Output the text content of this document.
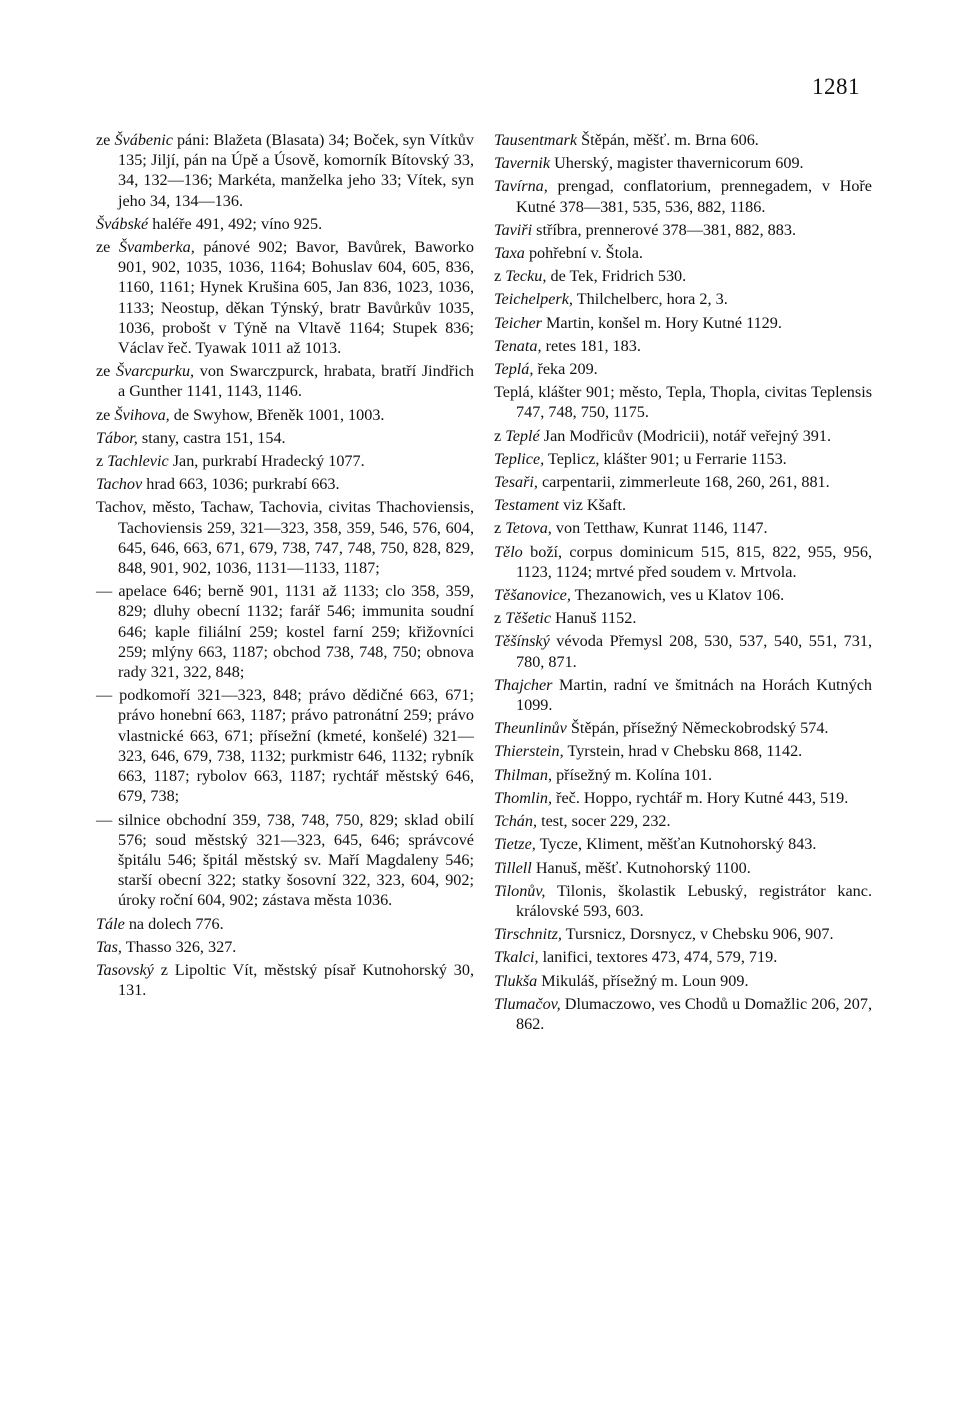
1281

ze Švábenic páni: Blažeta (Blasata) 34; Boček, syn Vítkův 135; Jiljí, pán na Úpě a Úsově, komorník Bítovský 33, 34, 132—136; Markéta, manželka jeho 33; Vítek, syn jeho 34, 134—136.

Švábské haléře 491, 492; víno 925.

ze Švamberka, pánové 902; Bavor, Bavůrek, Baworko 901, 902, 1035, 1036, 1164; Bohuslav 604, 605, 836, 1160, 1161; Hynek Krušina 605, Jan 836, 1023, 1036, 1133; Neostup, děkan Týnský, bratr Bavůrkův 1035, 1036, probošt v Týně na Vltavě 1164; Stupek 836; Václav řeč. Tyawak 1011 až 1013.

ze Švarcpurku, von Swarczpurck, hrabata, bratří Jindřich a Gunther 1141, 1143, 1146.

ze Švihova, de Swyhow, Břeněk 1001, 1003.

Tábor, stany, castra 151, 154.

z Tachlevic Jan, purkrabí Hradecký 1077.

Tachov hrad 663, 1036; purkrabí 663.

Tachov, město, Tachaw, Tachovia, civitas Thachoviensis, Tachoviensis 259, 321—323, 358, 359, 546, 576, 604, 645, 646, 663, 671, 679, 738, 747, 748, 750, 828, 829, 848, 901, 902, 1036, 1131—1133, 1187;

— apelace 646; berně 901, 1131 až 1133; clo 358, 359, 829; dluhy obecní 1132; farář 546; immunita soudní 646; kaple filiální 259; kostel farní 259; křižovníci 259; mlýny 663, 1187; obchod 738, 748, 750; obnova rady 321, 322, 848;

— podkomoří 321—323, 848; právo dědičné 663, 671; právo honební 663, 1187; právo patronátní 259; právo vlastnické 663, 671; přísežní (kmeté, konšelé) 321—323, 646, 679, 738, 1132; purkmistr 646, 1132; rybník 663, 1187; rybolov 663, 1187; rychtář městský 646, 679, 738;

— silnice obchodní 359, 738, 748, 750, 829; sklad obilí 576; soud městský 321—323, 645, 646; správcové špitálu 546; špitál městský sv. Maří Magdaleny 546; starší obecní 322; statky šosovní 322, 323, 604, 902; úroky roční 604, 902; zástava města 1036.

Tále na dolech 776.

Tas, Thasso 326, 327.

Tasovský z Lipoltic Vít, městský písař Kutnohorský 30, 131.

Tausentmark Štěpán, měšť. m. Brna 606.

Tavernik Uherský, magister thavernicorum 609.

Tavírna, prengad, conflatorium, prennegadem, v Hoře Kutné 378—381, 535, 536, 882, 1186.

Taviři stříbra, prennerové 378—381, 882, 883.

Taxa pohřební v. Štola.

z Tecku, de Tek, Fridrich 530.

Teichelperk, Thilchelberc, hora 2, 3.

Teicher Martin, konšel m. Hory Kutné 1129.

Tenata, retes 181, 183.

Teplá, řeka 209.

Teplá, klášter 901; město, Tepla, Thopla, civitas Teplensis 747, 748, 750, 1175.

z Teplé Jan Modřicův (Modricii), notář veřejný 391.

Teplice, Teplicz, klášter 901; u Ferrarie 1153.

Tesaři, carpentarii, zimmerleute 168, 260, 261, 881.

Testament viz Kšaft.

z Tetova, von Tetthaw, Kunrat 1146, 1147.

Tělo boží, corpus dominicum 515, 815, 822, 955, 956, 1123, 1124; mrtvé před soudem v. Mrtvola.

Těšanovice, Thezanowich, ves u Klatov 106.

z Těšetic Hanuš 1152.

Těšínský vévoda Přemysl 208, 530, 537, 540, 551, 731, 780, 871.

Thajcher Martin, radní ve šmitnách na Horách Kutných 1099.

Theunlinův Štěpán, přísežný Německobrodský 574.

Thierstein, Tyrstein, hrad v Chebsku 868, 1142.

Thilman, přísežný m. Kolína 101.

Thomlin, řeč. Hoppo, rychtář m. Hory Kutné 443, 519.

Tchán, test, socer 229, 232.

Tietze, Tycze, Kliment, měšťan Kutnohorský 843.

Tillell Hanuš, měšť. Kutnohorský 1100.

Tilonův, Tilonis, školastik Lebuský, registrátor kanc. královské 593, 603.

Tirschnitz, Tursnicz, Dorsnycz, v Chebsku 906, 907.

Tkalci, lanifici, textores 473, 474, 579, 719.

Tlukša Mikuláš, přísežný m. Loun 909.

Tlumačov, Dlumaczowo, ves Chodů u Domažlic 206, 207, 862.
